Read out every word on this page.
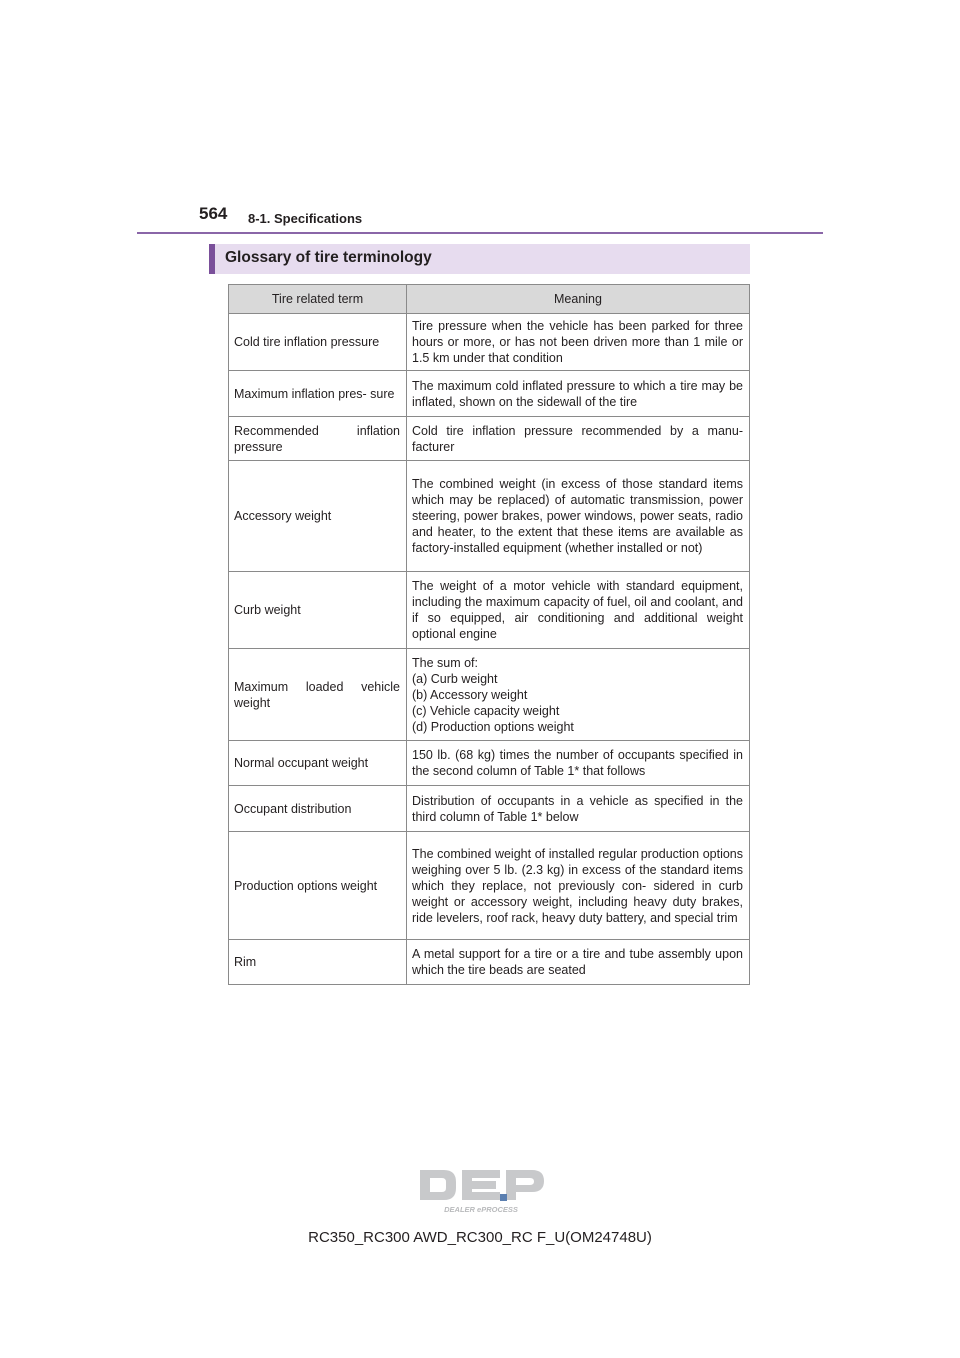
564 8-1. Specifications
Glossary of tire terminology
Tire related term	Meaning
Cold tire inflation pressure	Tire pressure when the vehicle has been parked for three hours or more, or has not been driven more than 1 mile or 1.5 km under that condition
Maximum inflation pres- sure	The maximum cold inflated pressure to which a tire may be inflated, shown on the sidewall of the tire
Recommended inflation pressure	Cold tire inflation pressure recommended by a manu- facturer
Accessory weight	The combined weight (in excess of those standard items which may be replaced) of automatic transmission, power steering, power brakes, power windows, power seats, radio and heater, to the extent that these items are available as factory-installed equipment (whether installed or not)
Curb weight	The weight of a motor vehicle with standard equipment, including the maximum capacity of fuel, oil and coolant, and if so equipped, air conditioning and additional weight optional engine
Maximum loaded vehicle weight	The sum of:
(a) Curb weight
(b) Accessory weight
(c) Vehicle capacity weight
(d) Production options weight
Normal occupant weight	150 lb. (68 kg) times the number of occupants specified in the second column of Table 1* that follows
Occupant distribution	Distribution of occupants in a vehicle as specified in the third column of Table 1* below
Production options weight	The combined weight of installed regular production options weighing over 5 lb. (2.3 kg) in excess of the standard items which they replace, not previously con- sidered in curb weight or accessory weight, including heavy duty brakes, ride levelers, roof rack, heavy duty battery, and special trim
Rim	A metal support for a tire or a tire and tube assembly upon which the tire beads are seated
DEALER ePROCESS
RC350_RC300 AWD_RC300_RC F_U(OM24748U)
